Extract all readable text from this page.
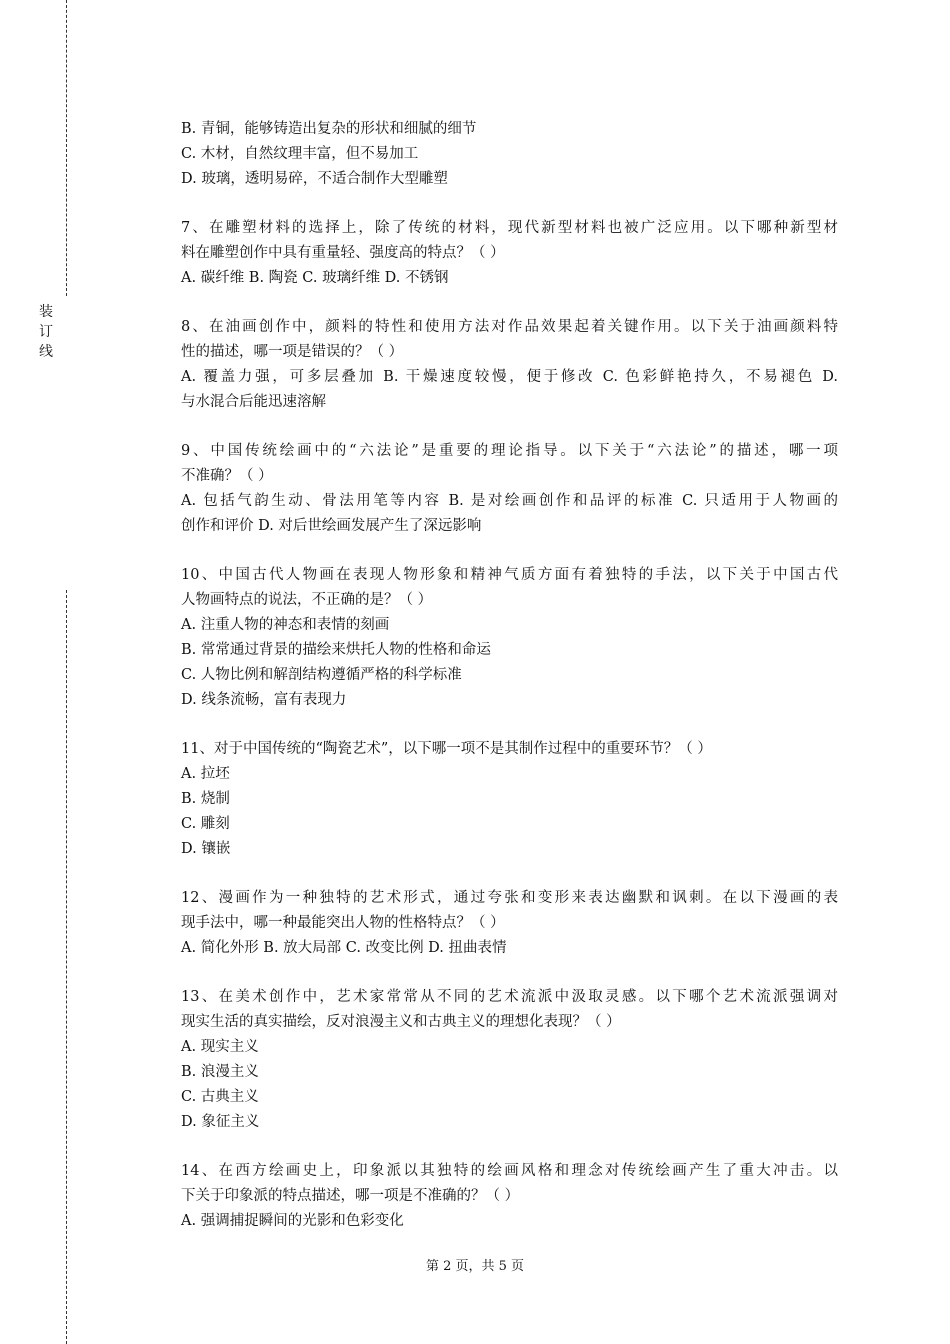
装
订
线
B. 青铜，能够铸造出复杂的形状和细腻的细节
C. 木材，自然纹理丰富，但不易加工
D. 玻璃，透明易碎，不适合制作大型雕塑
7、在雕塑材料的选择上，除了传统的材料，现代新型材料也被广泛应用。以下哪种新型材
料在雕塑创作中具有重量轻、强度高的特点？（ ）
A. 碳纤维 B. 陶瓷 C. 玻璃纤维 D. 不锈钢
8、在油画创作中，颜料的特性和使用方法对作品效果起着关键作用。以下关于油画颜料特
性的描述，哪一项是错误的？（ ）
A. 覆盖力强，可多层叠加 B. 干燥速度较慢，便于修改 C. 色彩鲜艳持久，不易褪色 D.
与水混合后能迅速溶解
9、中国传统绘画中的“六法论”是重要的理论指导。以下关于“六法论”的描述，哪一项
不准确？（ ）
A. 包括气韵生动、骨法用笔等内容 B. 是对绘画创作和品评的标准 C. 只适用于人物画的
创作和评价 D. 对后世绘画发展产生了深远影响
10、中国古代人物画在表现人物形象和精神气质方面有着独特的手法，以下关于中国古代
人物画特点的说法，不正确的是？（ ）
A. 注重人物的神态和表情的刻画
B. 常常通过背景的描绘来烘托人物的性格和命运
C. 人物比例和解剖结构遵循严格的科学标准
D. 线条流畅，富有表现力
11、对于中国传统的“陶瓷艺术”，以下哪一项不是其制作过程中的重要环节？（ ）
A. 拉坯
B. 烧制
C. 雕刻
D. 镶嵌
12、漫画作为一种独特的艺术形式，通过夸张和变形来表达幽默和讽刺。在以下漫画的表
现手法中，哪一种最能突出人物的性格特点？（ ）
A. 简化外形 B. 放大局部 C. 改变比例 D. 扭曲表情
13、在美术创作中，艺术家常常从不同的艺术流派中汲取灵感。以下哪个艺术流派强调对
现实生活的真实描绘，反对浪漫主义和古典主义的理想化表现？（ ）
A. 现实主义
B. 浪漫主义
C. 古典主义
D. 象征主义
14、在西方绘画史上，印象派以其独特的绘画风格和理念对传统绘画产生了重大冲击。以
下关于印象派的特点描述，哪一项是不准确的？（ ）
A. 强调捕捉瞬间的光影和色彩变化
第 2 页，共 5 页
